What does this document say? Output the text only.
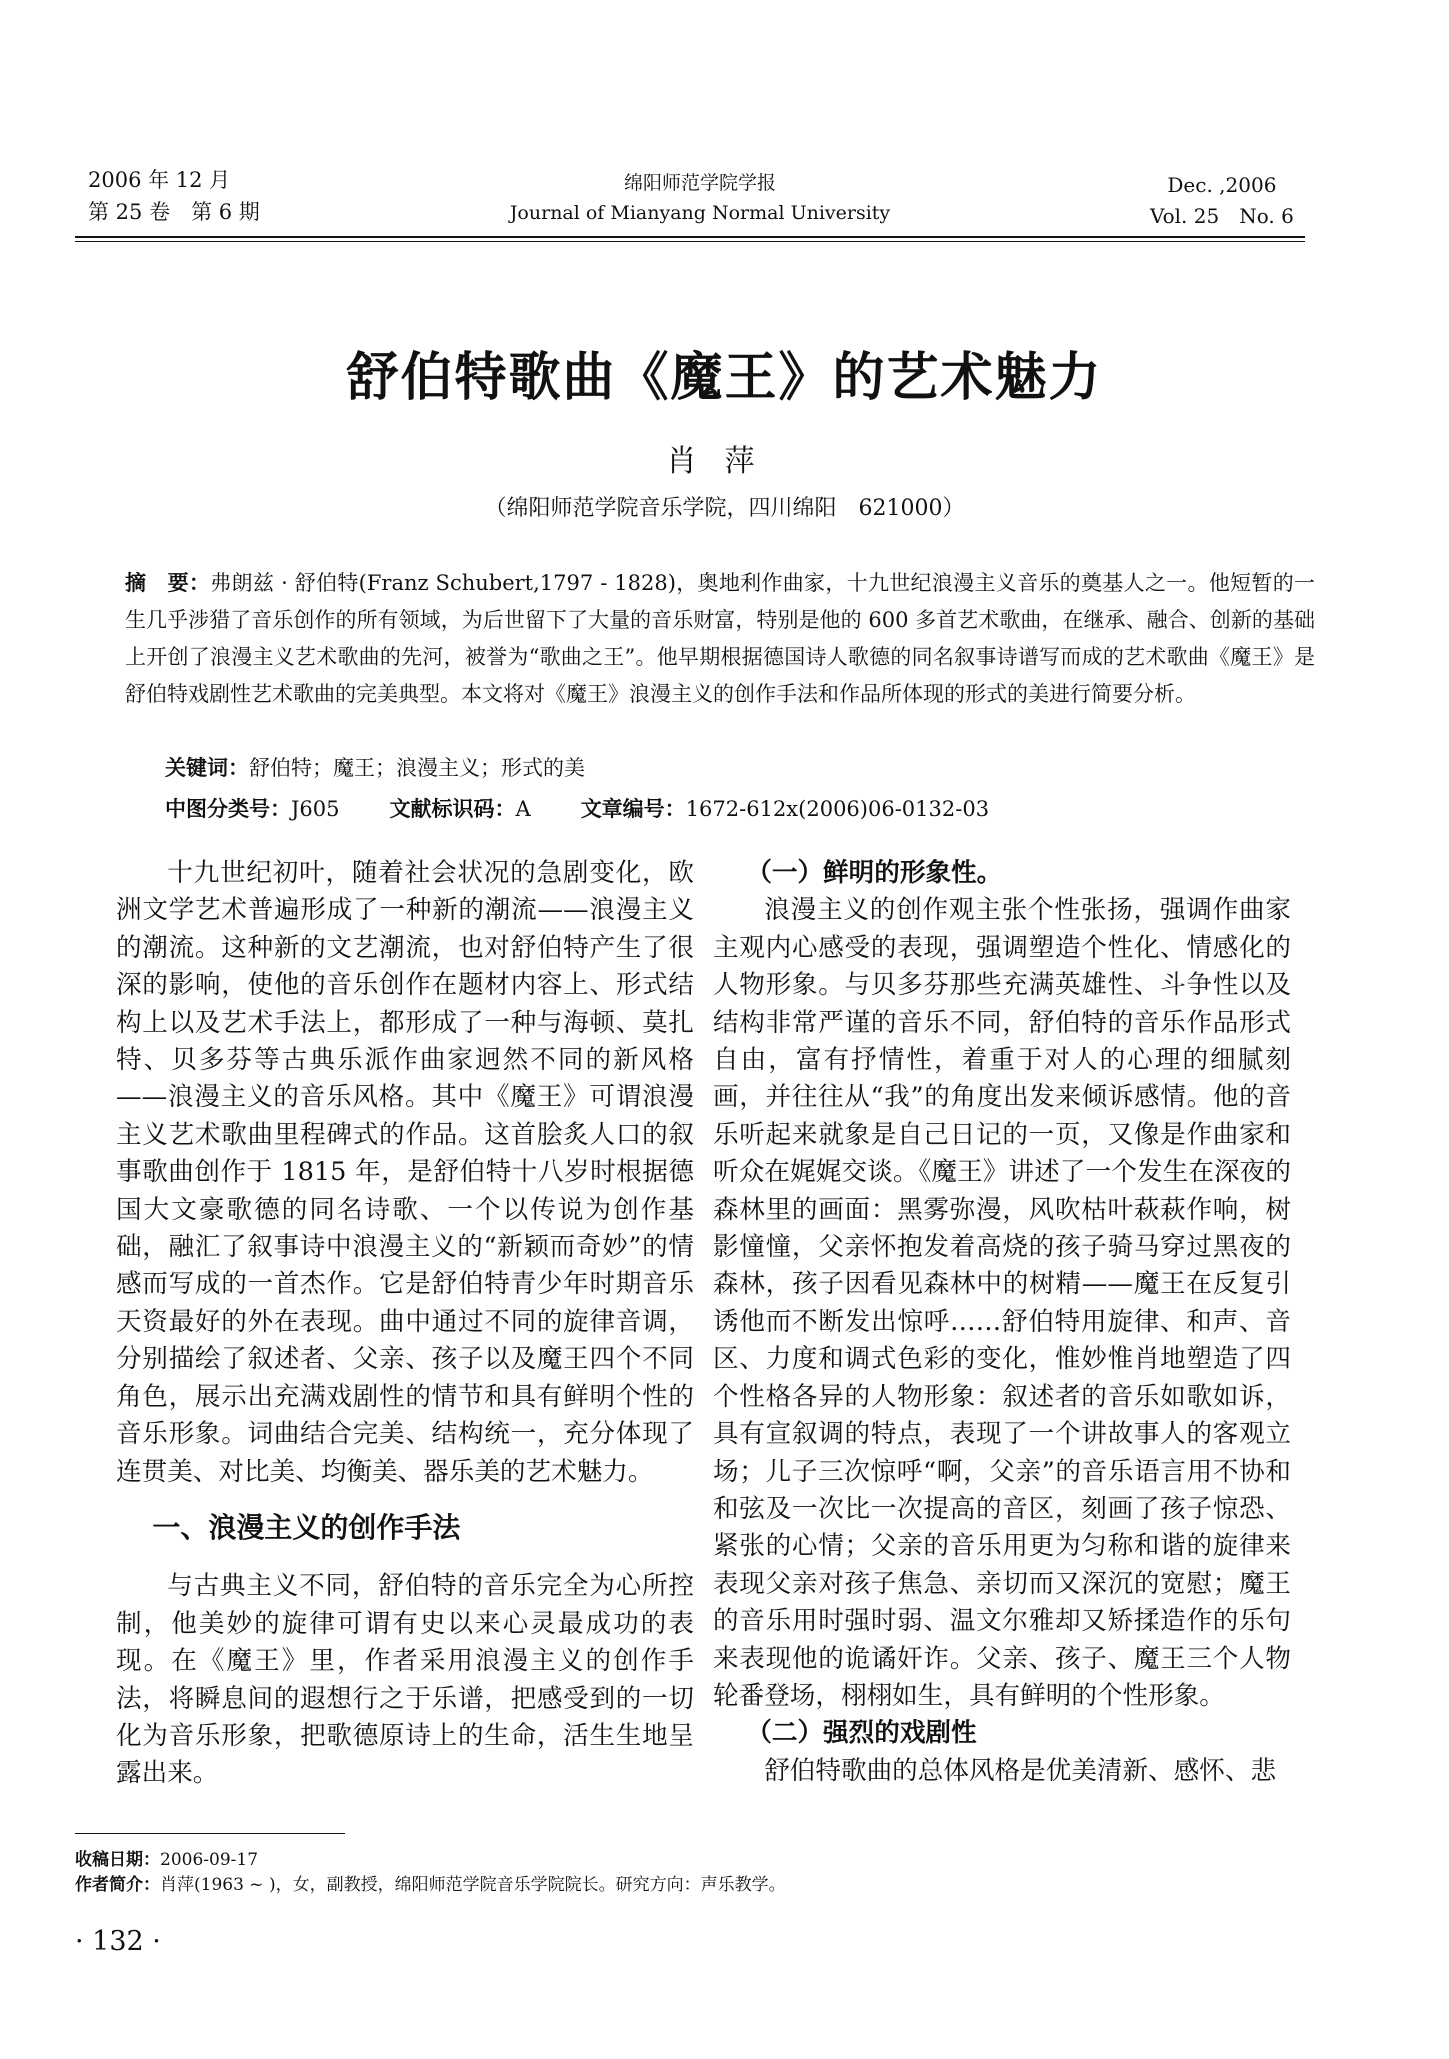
2006 年 12 月
第 25 卷　第 6 期
绵阳师范学院学报
Journal of Mianyang Normal University
Dec. ,2006
Vol. 25　No. 6
舒伯特歌曲《魔王》的艺术魅力
肖萍
（绵阳师范学院音乐学院，四川绵阳　621000）
摘　要：弗朗兹 · 舒伯特(Franz Schubert,1797 - 1828)，奥地利作曲家，十九世纪浪漫主义音乐的奠基人之一。他短暂的一生几乎涉猎了音乐创作的所有领域，为后世留下了大量的音乐财富，特别是他的 600 多首艺术歌曲，在继承、融合、创新的基础上开创了浪漫主义艺术歌曲的先河，被誉为“歌曲之王”。他早期根据德国诗人歌德的同名叙事诗谱写而成的艺术歌曲《魔王》是舒伯特戏剧性艺术歌曲的完美典型。本文将对《魔王》浪漫主义的创作手法和作品所体现的形式的美进行简要分析。
关键词：舒伯特；魔王；浪漫主义；形式的美
中图分类号：J605 文献标识码：A 文章编号：1672-612x(2006)06-0132-03

十九世纪初叶，随着社会状况的急剧变化，欧洲文学艺术普遍形成了一种新的潮流——浪漫主义的潮流。这种新的文艺潮流，也对舒伯特产生了很深的影响，使他的音乐创作在题材内容上、形式结构上以及艺术手法上，都形成了一种与海顿、莫扎特、贝多芬等古典乐派作曲家迥然不同的新风格——浪漫主义的音乐风格。其中《魔王》可谓浪漫主义艺术歌曲里程碑式的作品。这首脍炙人口的叙事歌曲创作于 1815 年，是舒伯特十八岁时根据德国大文豪歌德的同名诗歌、一个以传说为创作基础，融汇了叙事诗中浪漫主义的“新颖而奇妙”的情感而写成的一首杰作。它是舒伯特青少年时期音乐天资最好的外在表现。曲中通过不同的旋律音调，分别描绘了叙述者、父亲、孩子以及魔王四个不同角色，展示出充满戏剧性的情节和具有鲜明个性的音乐形象。词曲结合完美、结构统一，充分体现了连贯美、对比美、均衡美、器乐美的艺术魅力。

一、浪漫主义的创作手法

与古典主义不同，舒伯特的音乐完全为心所控制，他美妙的旋律可谓有史以来心灵最成功的表现。在《魔王》里，作者采用浪漫主义的创作手法，将瞬息间的遐想行之于乐谱，把感受到的一切化为音乐形象，把歌德原诗上的生命，活生生地呈露出来。

（一）鲜明的形象性。

浪漫主义的创作观主张个性张扬，强调作曲家主观内心感受的表现，强调塑造个性化、情感化的人物形象。与贝多芬那些充满英雄性、斗争性以及结构非常严谨的音乐不同，舒伯特的音乐作品形式自由，富有抒情性，着重于对人的心理的细腻刻画，并往往从“我”的角度出发来倾诉感情。他的音乐听起来就象是自己日记的一页，又像是作曲家和听众在娓娓交谈。《魔王》讲述了一个发生在深夜的森林里的画面：黑雾弥漫，风吹枯叶萩萩作响，树影憧憧，父亲怀抱发着高烧的孩子骑马穿过黑夜的森林，孩子因看见森林中的树精——魔王在反复引诱他而不断发出惊呼……舒伯特用旋律、和声、音区、力度和调式色彩的变化，惟妙惟肖地塑造了四个性格各异的人物形象：叙述者的音乐如歌如诉，具有宣叙调的特点，表现了一个讲故事人的客观立场；儿子三次惊呼“啊，父亲”的音乐语言用不协和和弦及一次比一次提高的音区，刻画了孩子惊恐、紧张的心情；父亲的音乐用更为匀称和谐的旋律来表现父亲对孩子焦急、亲切而又深沉的宽慰；魔王的音乐用时强时弱、温文尔雅却又矫揉造作的乐句来表现他的诡谲奸诈。父亲、孩子、魔王三个人物轮番登场，栩栩如生，具有鲜明的个性形象。

（二）强烈的戏剧性

舒伯特歌曲的总体风格是优美清新、感怀、悲

收稿日期：2006-09-17
作者简介：肖萍(1963 ~ )，女，副教授，绵阳师范学院音乐学院院长。研究方向：声乐教学。
· 132 ·
